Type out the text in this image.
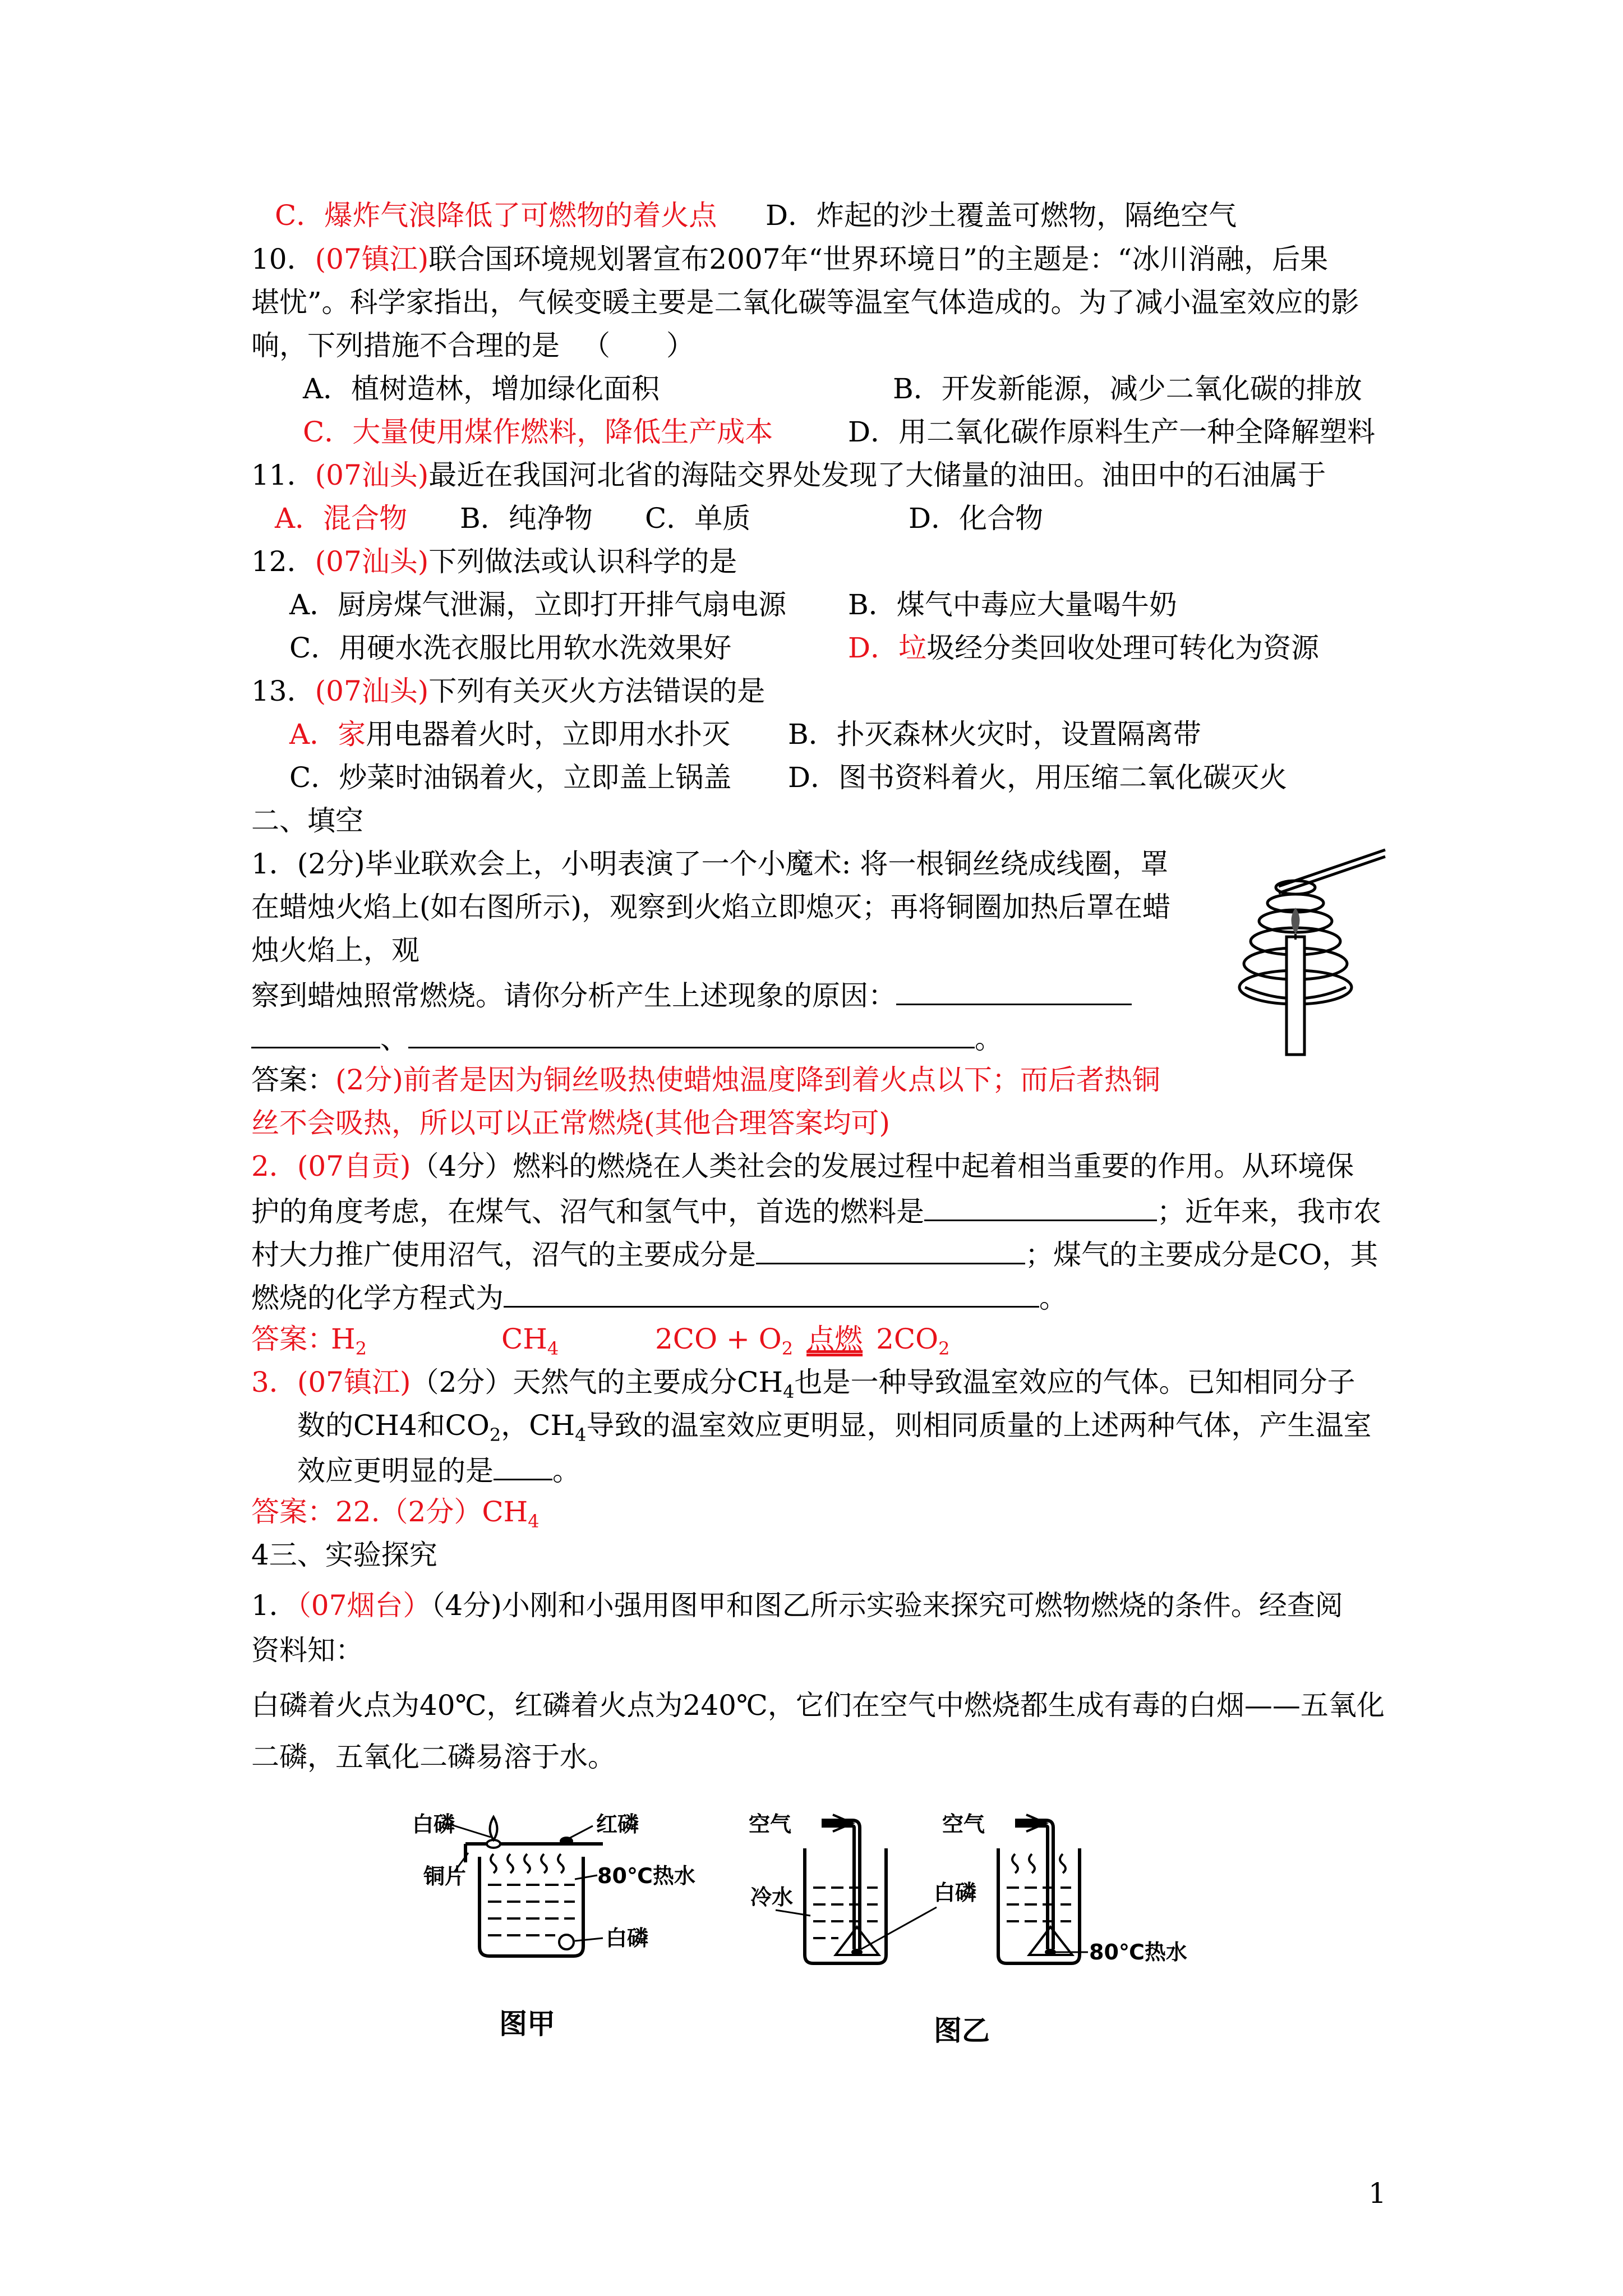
C．爆炸气浪降低了可燃物的着火点 D．炸起的沙土覆盖可燃物，隔绝空气
10．(07镇江)联合国环境规划署宣布2007年“世界环境日”的主题是：“冰川消融，后果
堪忧”。科学家指出，气候变暖主要是二氧化碳等温室气体造成的。为了减小温室效应的影
响，下列措施不合理的是 （　　）
A．植树造林，增加绿化面积	B．开发新能源，减少二氧化碳的排放
C．大量使用煤作燃料，降低生产成本	D．用二氧化碳作原料生产一种全降解塑料
11．(07汕头)最近在我国河北省的海陆交界处发现了大储量的油田。油田中的石油属于
A．混合物 B．纯净物 C．单质	D．化合物
12．(07汕头)下列做法或认识科学的是
A．厨房煤气泄漏，立即打开排气扇电源 B．煤气中毒应大量喝牛奶
C．用硬水洗衣服比用软水洗效果好	D．垃圾经分类回收处理可转化为资源
13．(07汕头)下列有关灭火方法错误的是
A．家用电器着火时，立即用水扑灭 B．扑灭森林火灾时，设置隔离带
C．炒菜时油锅着火，立即盖上锅盖 D．图书资料着火，用压缩二氧化碳灭火
二、填空
1．(2分)毕业联欢会上，小明表演了一个小魔术: 将一根铜丝绕成线圈，罩
在蜡烛火焰上(如右图所示)，观察到火焰立即熄灭；再将铜圈加热后罩在蜡
烛火焰上，观
察到蜡烛照常燃烧。请你分析产生上述现象的原因：
、	。
答案：(2分)前者是因为铜丝吸热使蜡烛温度降到着火点以下；而后者热铜
丝不会吸热，所以可以正常燃烧(其他合理答案均可)
2．(07自贡)（4分）燃料的燃烧在人类社会的发展过程中起着相当重要的作用。从环境保
护的角度考虑，在煤气、沼气和氢气中，首选的燃料是	；近年来，我市农
村大力推广使用沼气，沼气的主要成分是	；煤气的主要成分是CO，其
燃烧的化学方程式为	。
答案：
$H_2$	$CH_4$	$2CO + O_2$ 点燃 $2CO_2$
3．(07镇江)（2分）天然气的主要成分$CH_4$也是一种导致温室效应的气体。已知相同分子
数的CH4和$CO_2$，$CH_4$导致的温室效应更明显，则相同质量的上述两种气体，产生温室
效应更明显的是 。
答案：22.（2分）$CH_4$
4三、实验探究
1．（07烟台）（4分)小刚和小强用图甲和图乙所示实验来探究可燃物燃烧的条件。经查阅
资料知：
白磷着火点为40℃，红磷着火点为240℃，它们在空气中燃烧都生成有毒的白烟——五氧化
二磷，五氧化二磷易溶于水。
白磷	红磷
铜片	80℃热水
白磷
图甲
空气	空气
冷水	白磷
80℃热水
图乙
1
